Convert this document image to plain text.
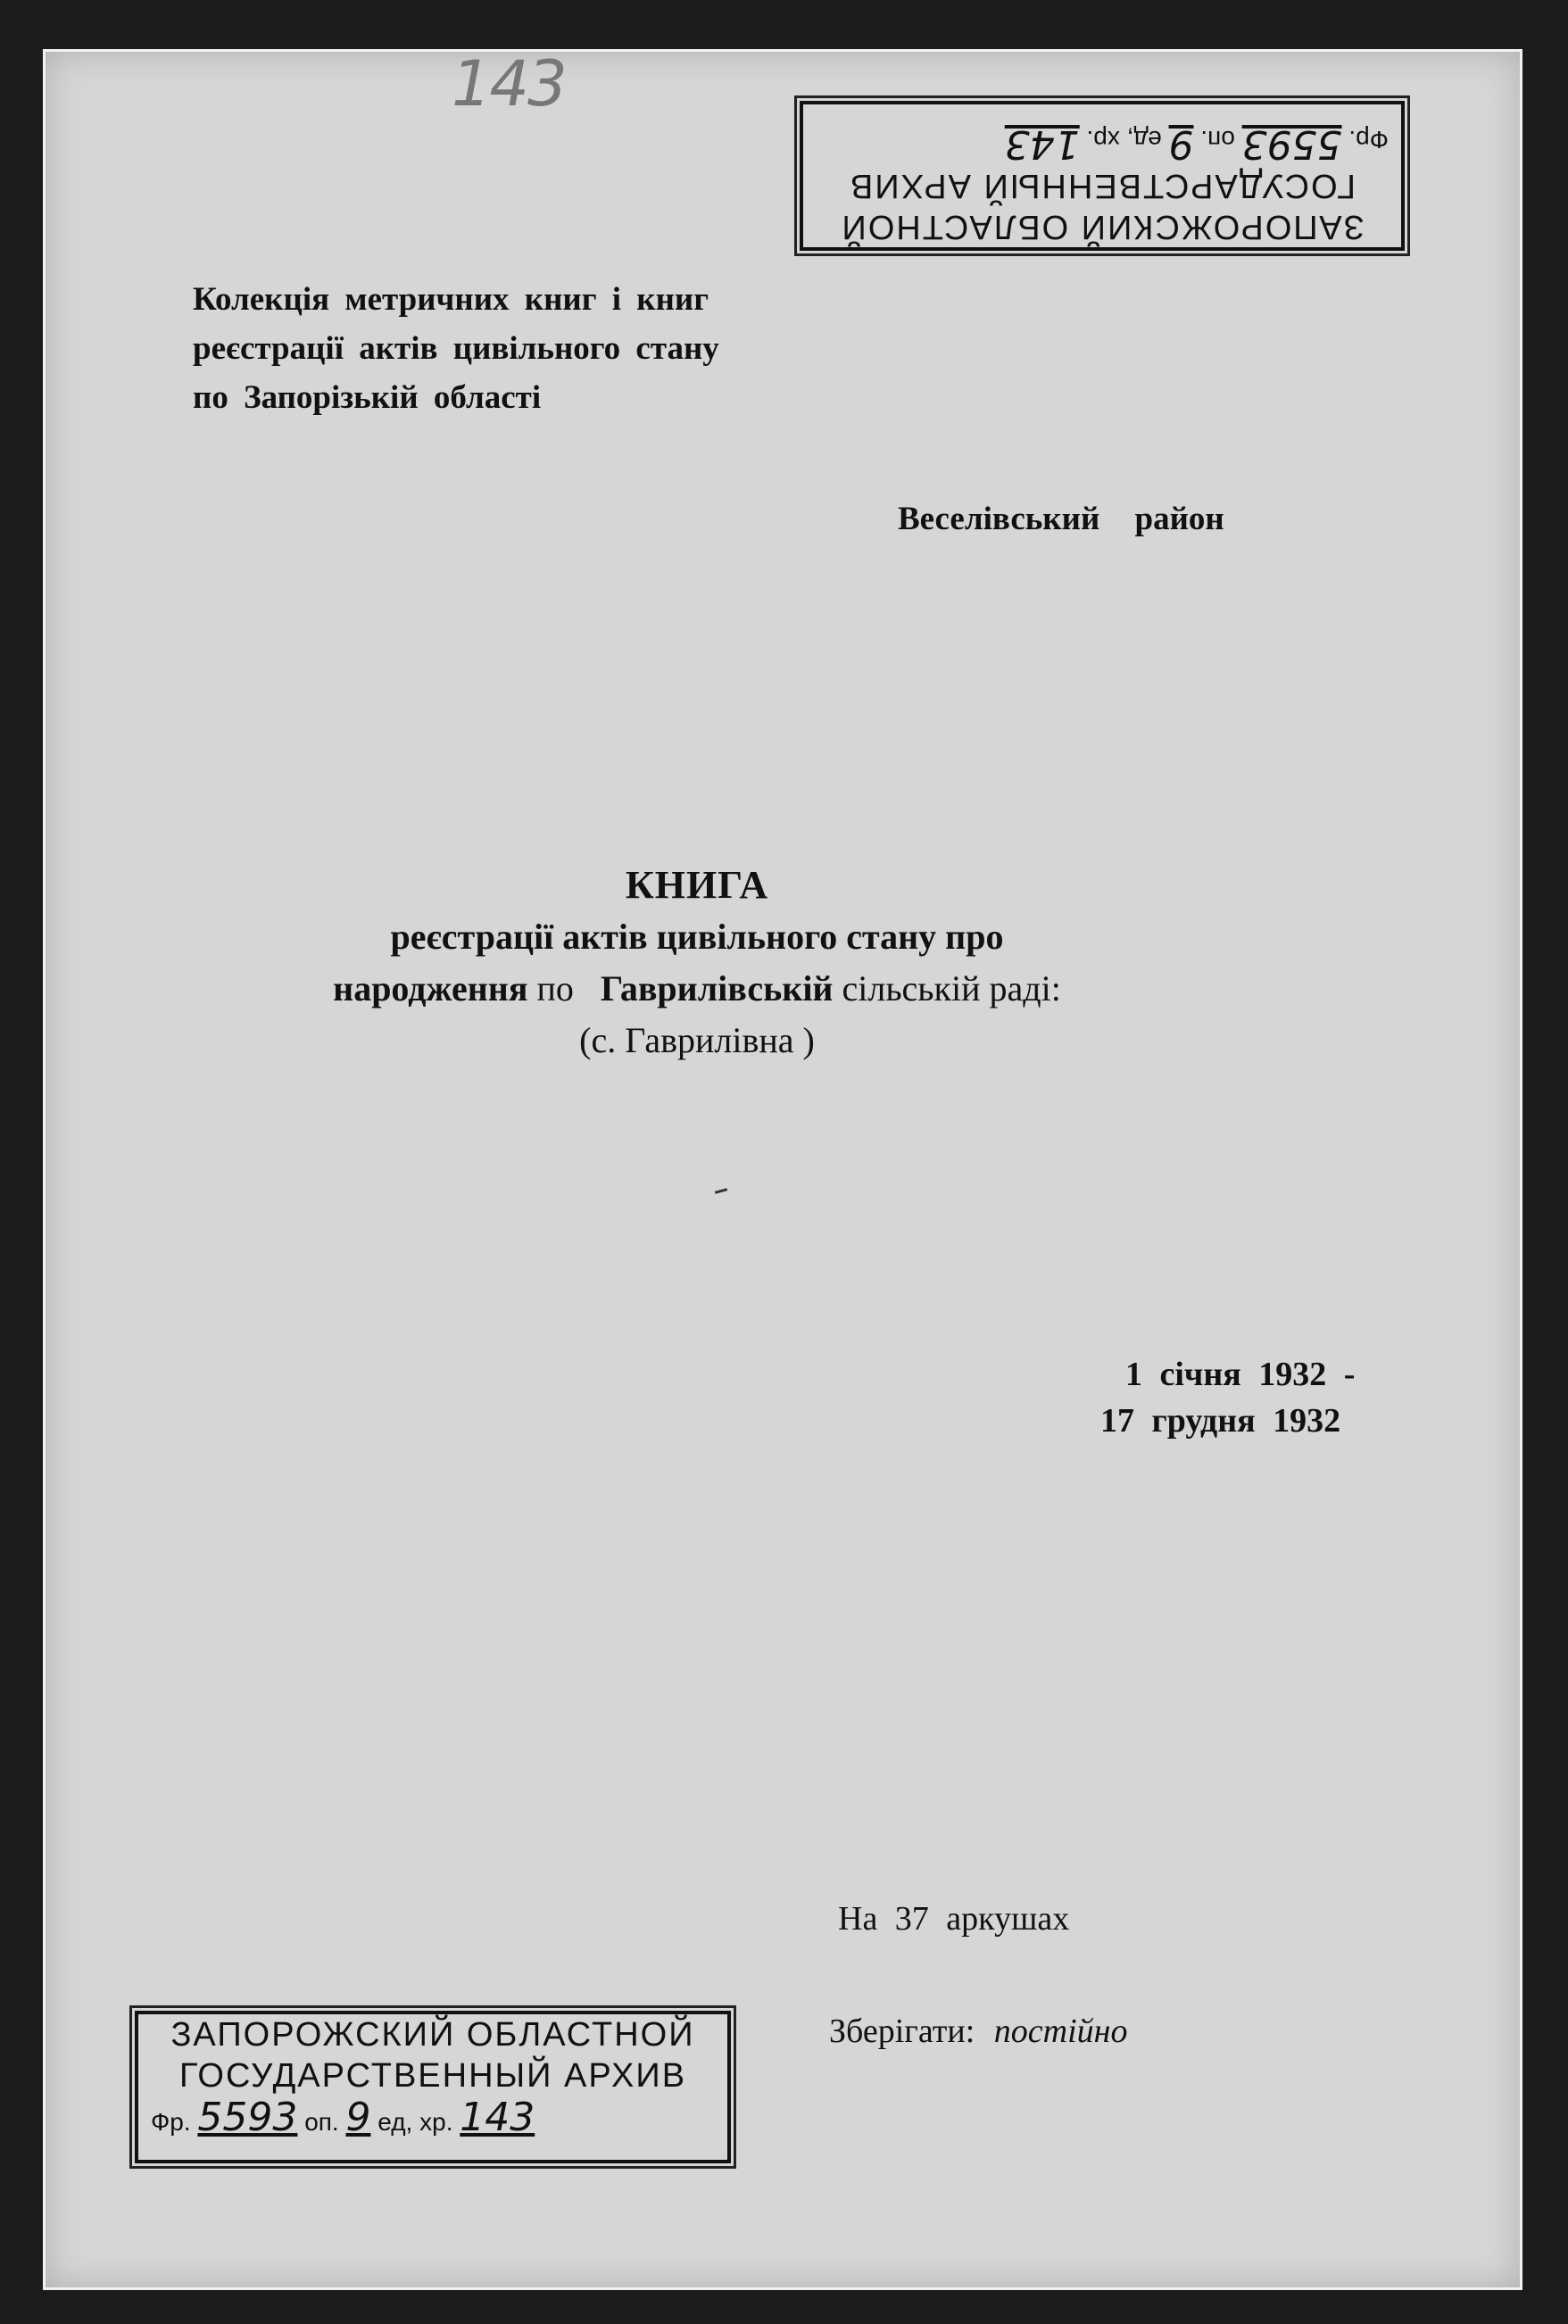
143
ЗАПОРОЖСКИЙ ОБЛАСТНОЙ
ГОСУДАРСТВЕННЫЙ АРХИВ
Фр. 5593 оп. 9 ед, хр. 143
Колекція метричних книг і книг
реєстрації актів цивільного стану
по Запорізькій області
Веселівський район
КНИГА
реєстрації актів цивільного стану про
народження по Гаврилівській сільській раді:
(с. Гаврилівна )
1 січня 1932 -
17 грудня 1932
На 37 аркушах
Зберігати: постійно
ЗАПОРОЖСКИЙ ОБЛАСТНОЙ
ГОСУДАРСТВЕННЫЙ АРХИВ
Фр. 5593 оп. 9 ед, хр. 143
